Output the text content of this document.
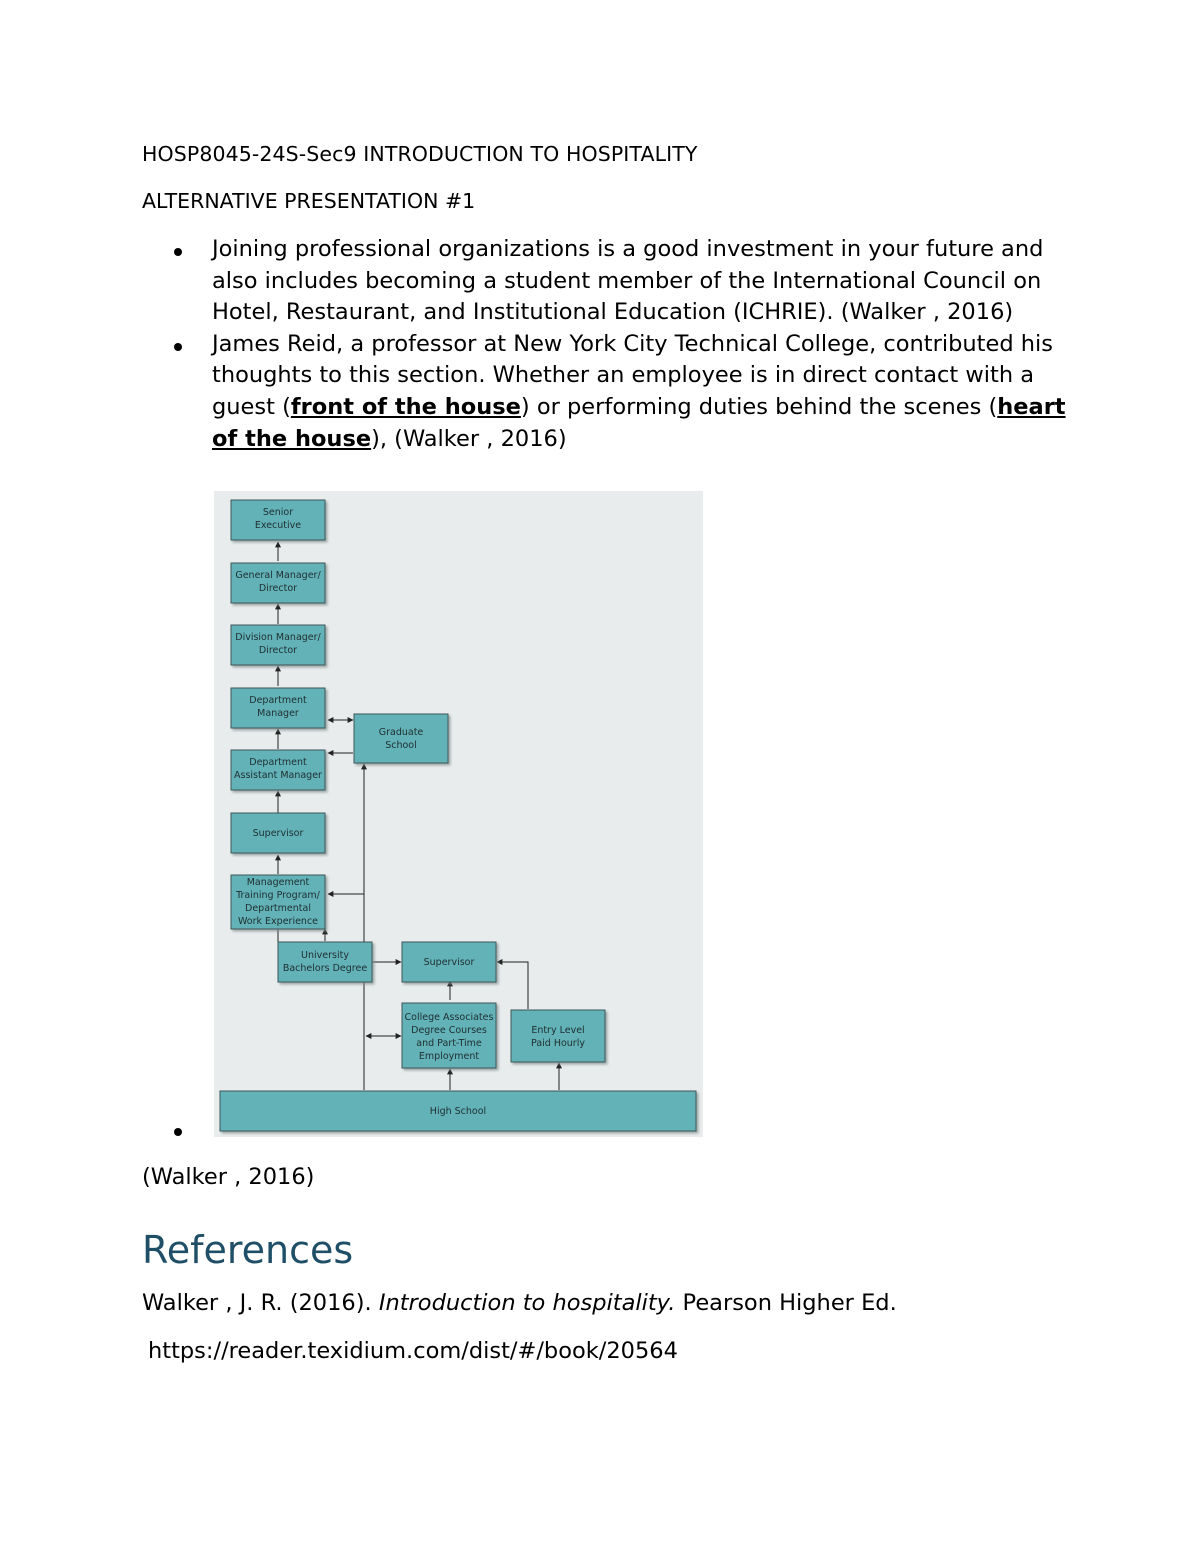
HOSP8045-24S-Sec9 INTRODUCTION TO HOSPITALITY
ALTERNATIVE PRESENTATION #1
Joining professional organizations is a good investment in your future and also includes becoming a student member of the International Council on Hotel, Restaurant, and Institutional Education (ICHRIE). (Walker , 2016)
James Reid, a professor at New York City Technical College, contributed his thoughts to this section. Whether an employee is in direct contact with a guest (front of the house) or performing duties behind the scenes (heart of the house), (Walker , 2016)
Senior
Executive
General Manager/
Director
Division Manager/
Director
Department
Manager
Department
Assistant Manager
Supervisor
Management
Training Program/
Departmental
Work Experience
Graduate
School
University
Bachelors Degree
Supervisor
College Associates
Degree Courses
and Part-Time
Employment
Entry Level
Paid Hourly
High School
(Walker , 2016)
References
Walker , J. R. (2016). Introduction to hospitality. Pearson Higher Ed.
https://reader.texidium.com/dist/#/book/20564
